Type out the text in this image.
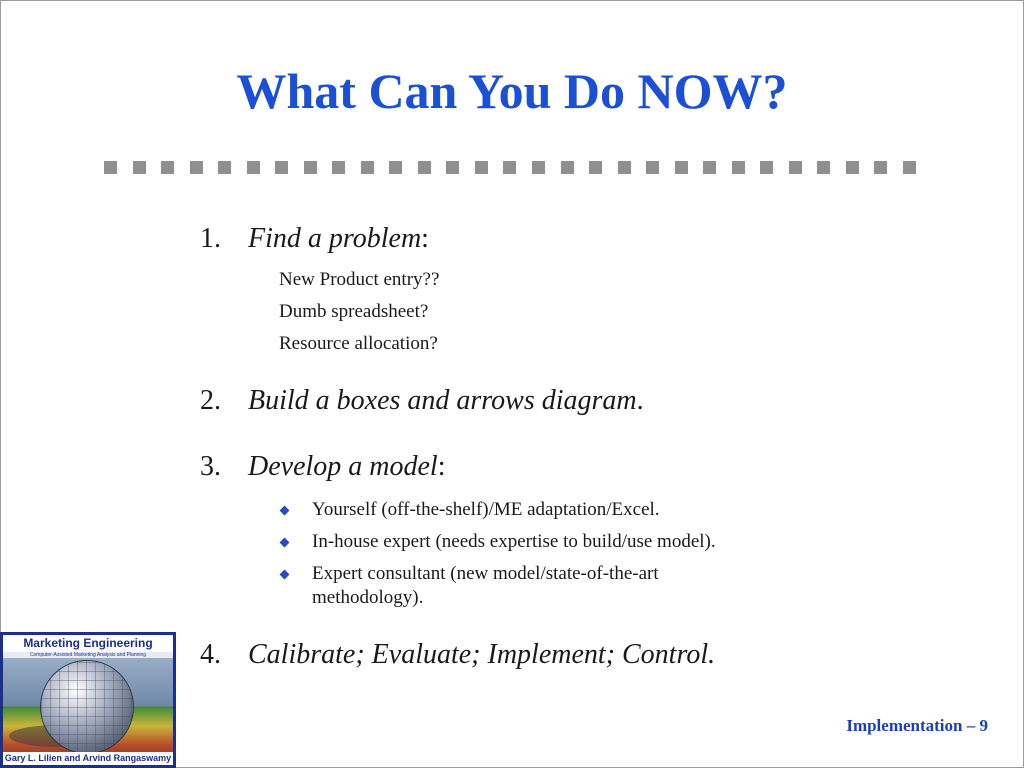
What Can You Do NOW?
1. Find a problem:
New Product entry??
Dumb spreadsheet?
Resource allocation?
2. Build a boxes and arrows diagram.
3. Develop a model:
Yourself (off-the-shelf)/ME adaptation/Excel.
In-house expert (needs expertise to build/use model).
Expert consultant (new model/state-of-the-art methodology).
4. Calibrate; Evaluate; Implement; Control.
Marketing Engineering
Computer-Assisted Marketing Analysis and Planning
Gary L. Lilien and Arvind Rangaswamy
Implementation – 9
